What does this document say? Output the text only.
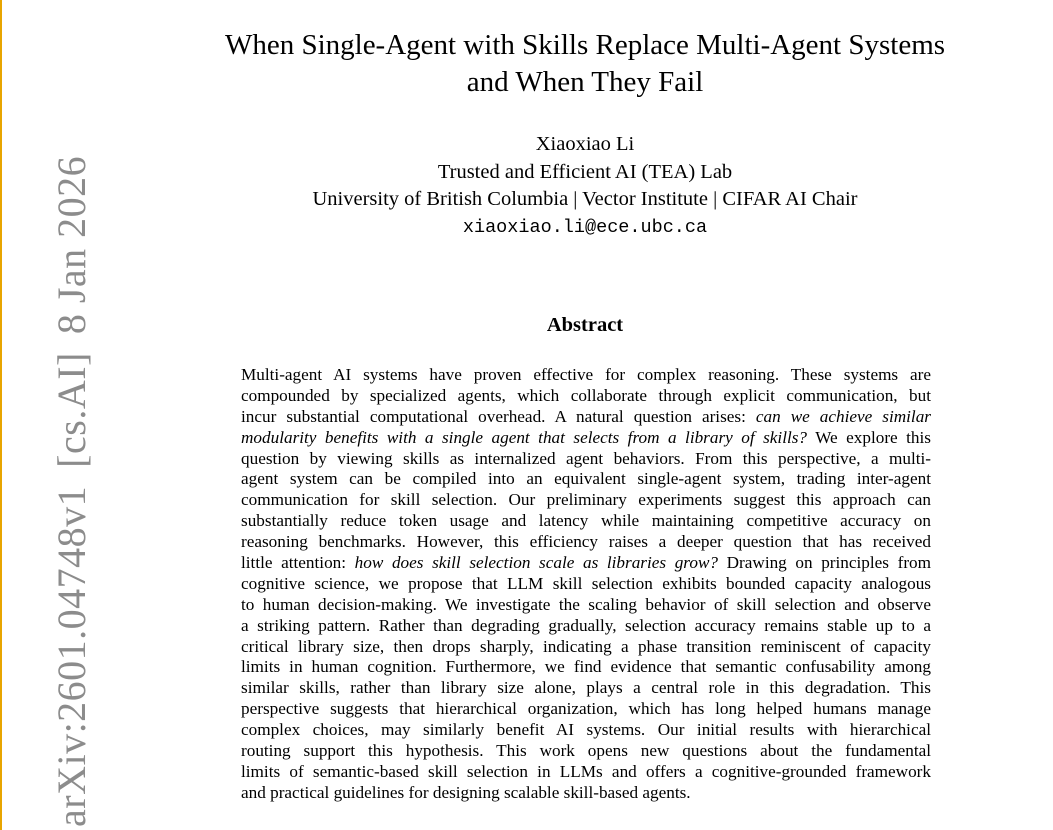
arXiv:2601.04748v1[cs.AI]8 Jan 2026
When Single-Agent with Skills Replace Multi-Agent Systems
and When They Fail
Xiaoxiao Li
Trusted and Efficient AI (TEA) Lab
University of British Columbia | Vector Institute | CIFAR AI Chair
xiaoxiao.li@ece.ubc.ca
Abstract
Multi-agent AI systems have proven effective for complex reasoning. These systems are
compounded by specialized agents, which collaborate through explicit communication, but
incur substantial computational overhead. A natural question arises: can we achieve similar
modularity benefits with a single agent that selects from a library of skills? We explore this
question by viewing skills as internalized agent behaviors. From this perspective, a multi-
agent system can be compiled into an equivalent single-agent system, trading inter-agent
communication for skill selection. Our preliminary experiments suggest this approach can
substantially reduce token usage and latency while maintaining competitive accuracy on
reasoning benchmarks. However, this efficiency raises a deeper question that has received
little attention: how does skill selection scale as libraries grow? Drawing on principles from
cognitive science, we propose that LLM skill selection exhibits bounded capacity analogous
to human decision-making. We investigate the scaling behavior of skill selection and observe
a striking pattern. Rather than degrading gradually, selection accuracy remains stable up to a
critical library size, then drops sharply, indicating a phase transition reminiscent of capacity
limits in human cognition. Furthermore, we find evidence that semantic confusability among
similar skills, rather than library size alone, plays a central role in this degradation. This
perspective suggests that hierarchical organization, which has long helped humans manage
complex choices, may similarly benefit AI systems. Our initial results with hierarchical
routing support this hypothesis. This work opens new questions about the fundamental
limits of semantic-based skill selection in LLMs and offers a cognitive-grounded framework
and practical guidelines for designing scalable skill-based agents.
